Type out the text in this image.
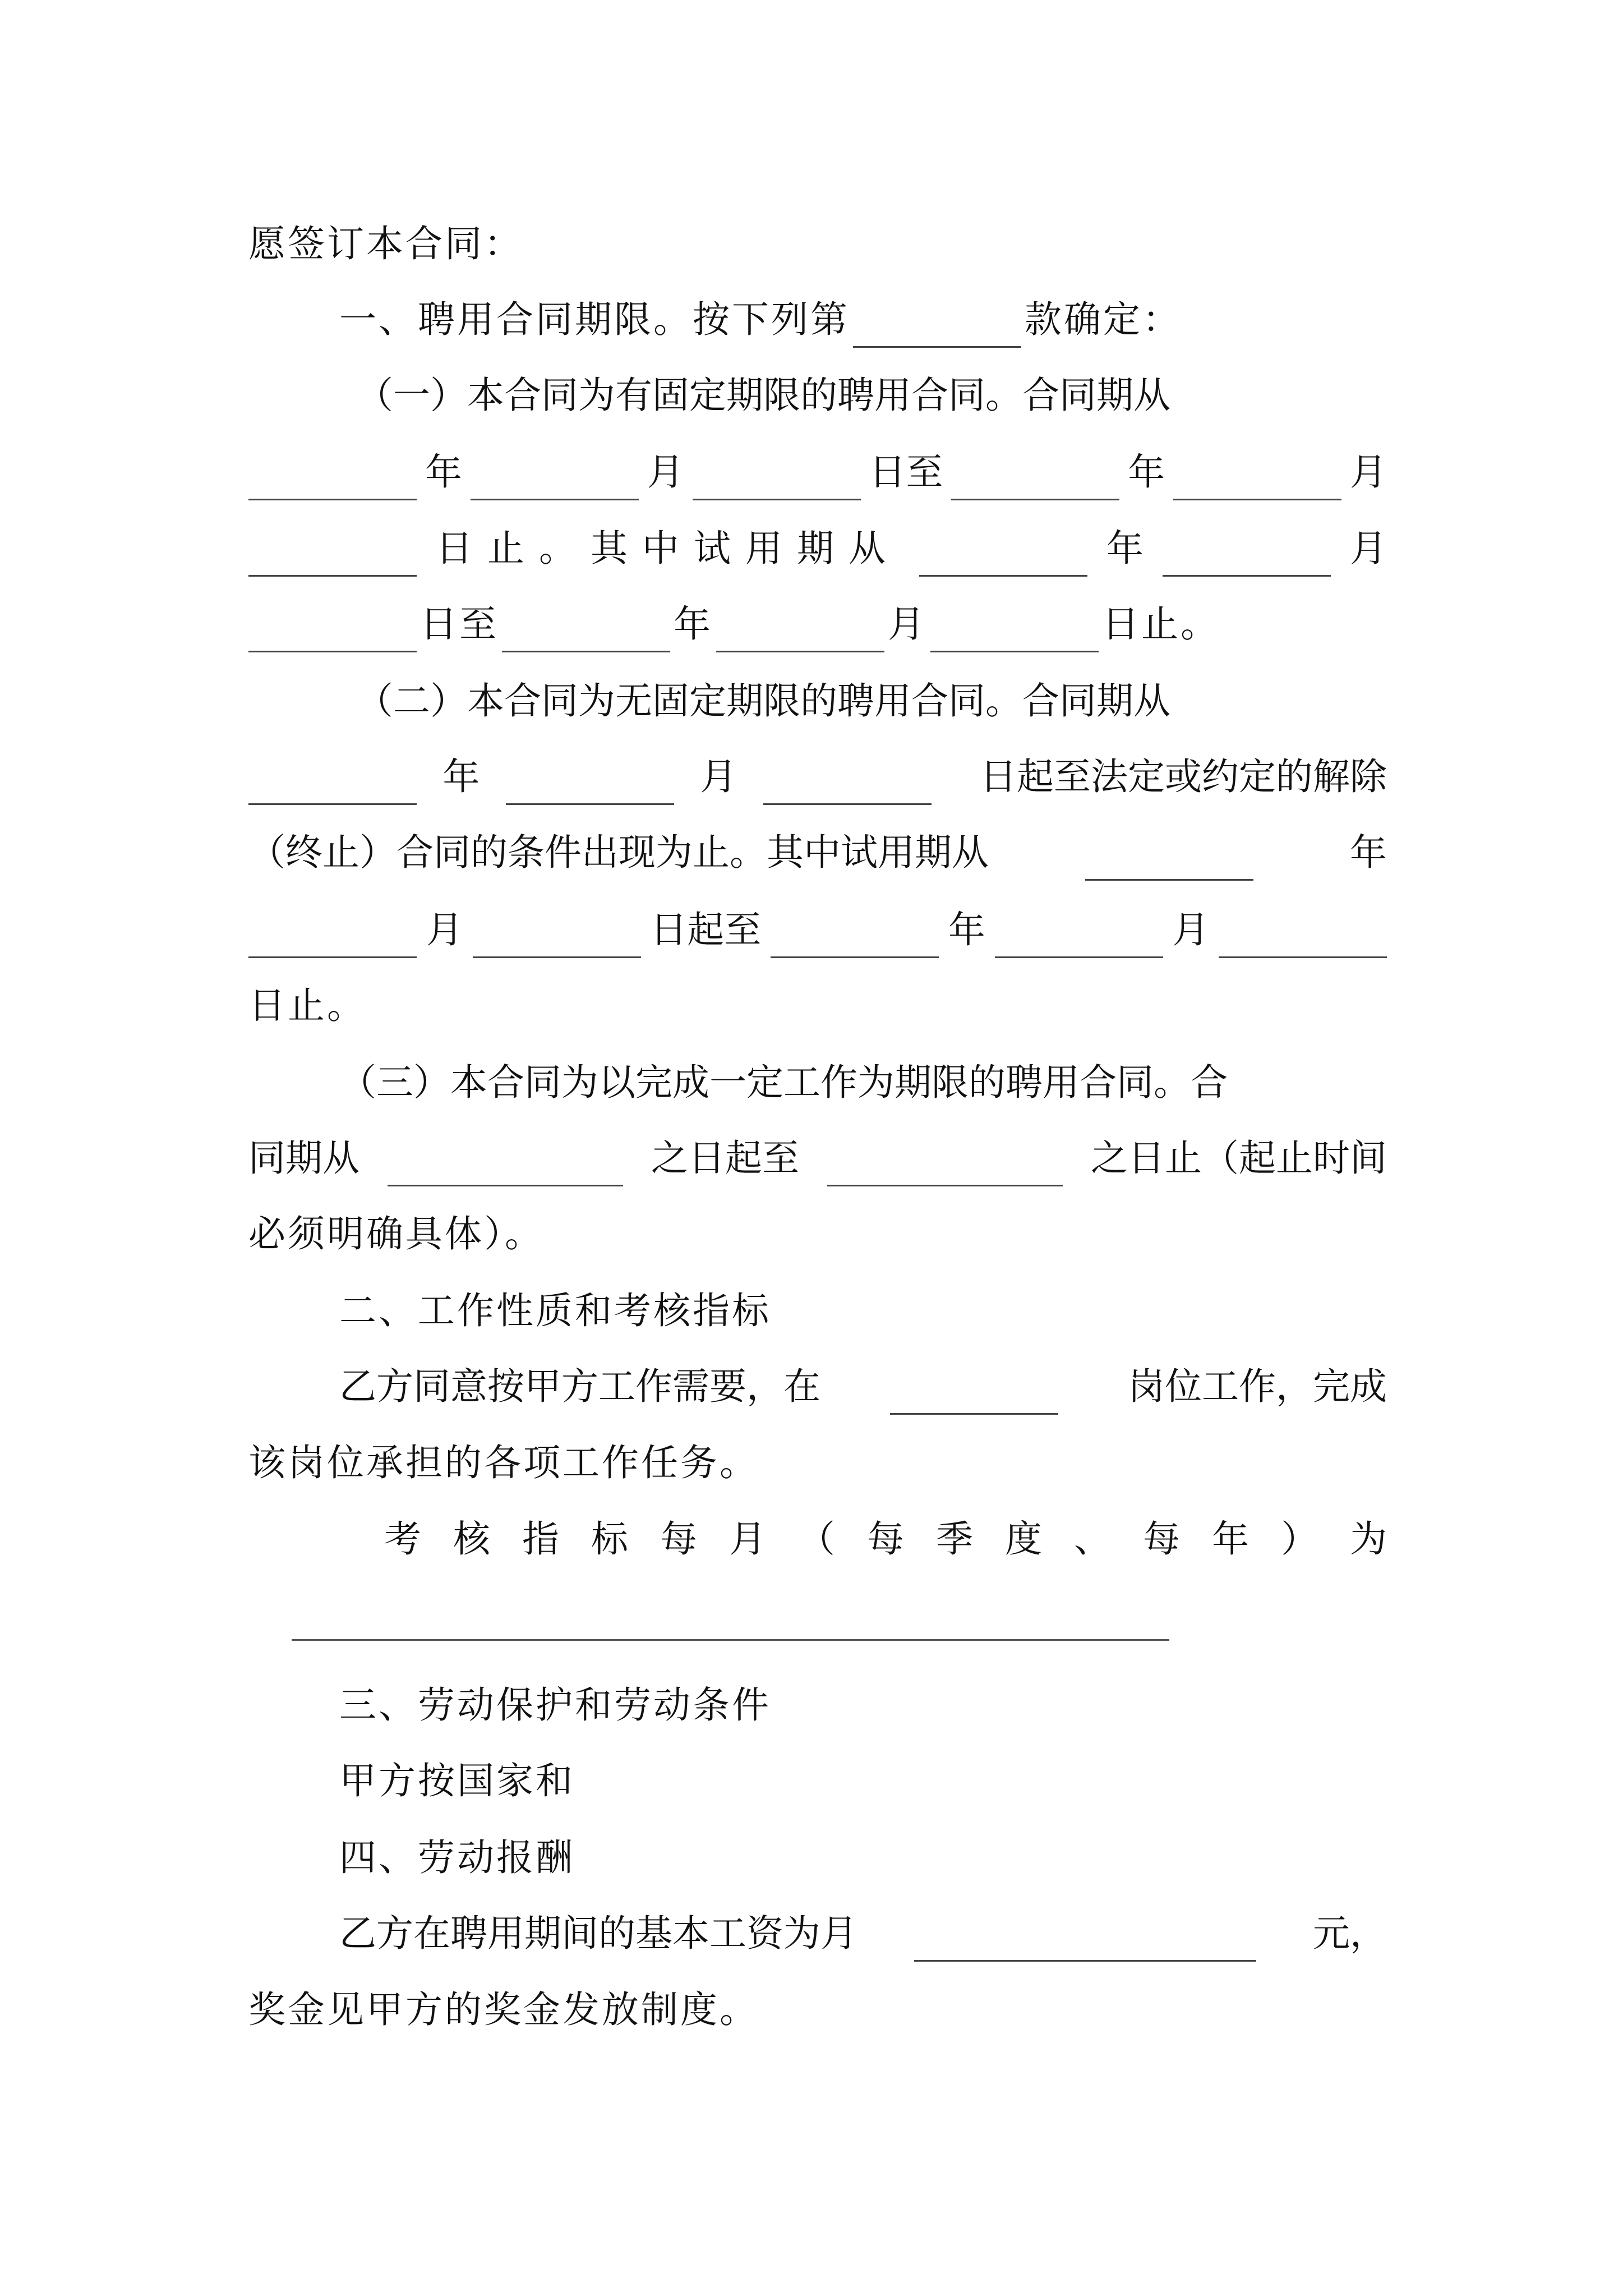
愿签订本合同：
一、聘用合同期限。按下列第	款确定：
（一）本合同为有固定期限的聘用合同。合同期从
年	月	日至	年	月
日止。其中试用期从	年	月
日至	年	月	日止。
（二）本合同为无固定期限的聘用合同。合同期从
年	月	日起至法定或约定的解除
（终止）合同的条件出现为止。其中试用期从	年
月	日起至	年	月
日止。
（三）本合同为以完成一定工作为期限的聘用合同。合
同期从	之日起至	之日止（起止时间
必须明确具体）。
二、工作性质和考核指标
乙方同意按甲方工作需要，在	岗位工作，完成
该岗位承担的各项工作任务。
考 核 指 标 每 月 （ 每 季 度 、 每 年 ） 为
三、劳动保护和劳动条件
甲方按国家和
四、劳动报酬
乙方在聘用期间的基本工资为月	元，
奖金见甲方的奖金发放制度。
